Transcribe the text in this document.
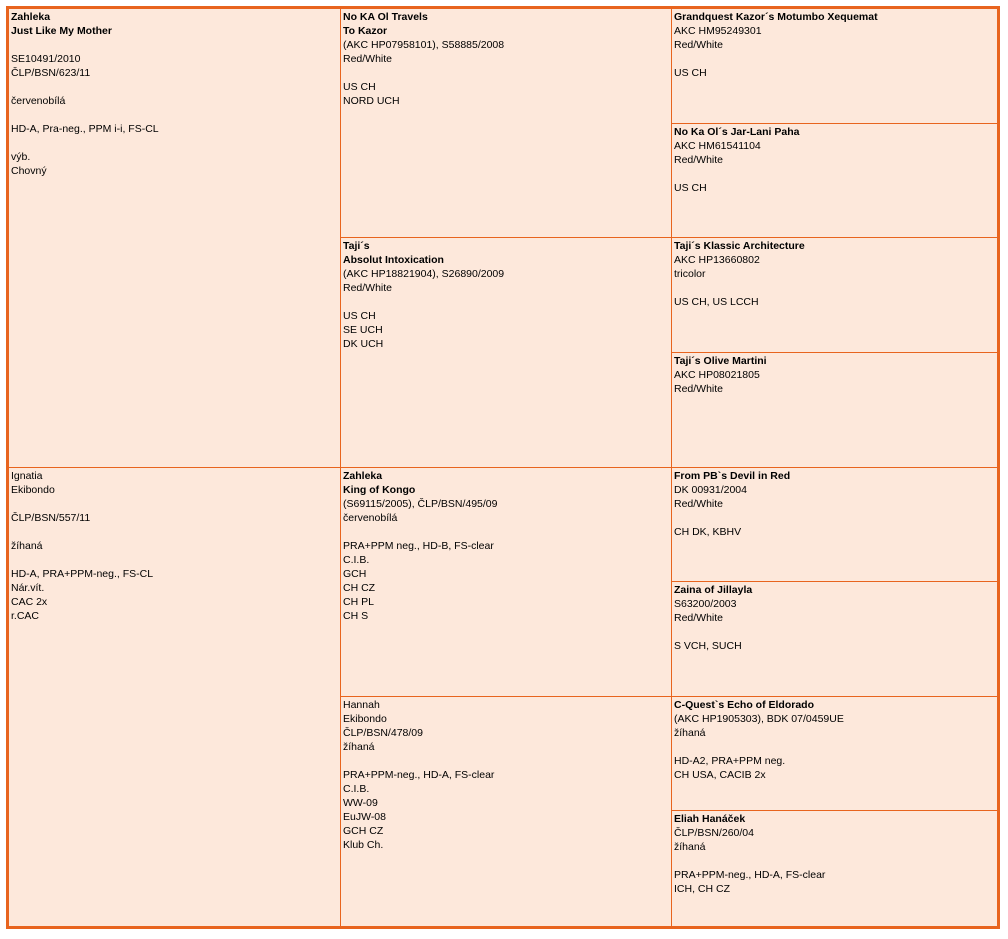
Zahleka
Just Like My Mother
SE10491/2010
ČLP/BSN/623/11
červenobílá
HD-A, Pra-neg., PPM i-i, FS-CL
výb.
Chovný
Ignatia
Ekibondo
ČLP/BSN/557/11
žíhaná
HD-A, PRA+PPM-neg., FS-CL
Nár.vít.
CAC 2x
r.CAC
No KA Ol Travels
To Kazor
(AKC HP07958101), S58885/2008
Red/White
US CH
NORD UCH
Taji´s
Absolut Intoxication
(AKC HP18821904), S26890/2009
Red/White
US CH
SE UCH
DK UCH
Zahleka
King of Kongo
(S69115/2005), ČLP/BSN/495/09
červenobílá
PRA+PPM neg., HD-B, FS-clear
C.I.B.
GCH
CH CZ
CH PL
CH S
Hannah
Ekibondo
ČLP/BSN/478/09
žíhaná
PRA+PPM-neg., HD-A, FS-clear
C.I.B.
WW-09
EuJW-08
GCH CZ
Klub Ch.
Grandquest Kazor´s Motumbo Xequemat
AKC HM95249301
Red/White
US CH
No Ka Ol´s Jar-Lani Paha
AKC HM61541104
Red/White
US CH
Taji´s Klassic Architecture
AKC HP13660802
tricolor
US CH, US LCCH
Taji´s Olive Martini
AKC HP08021805
Red/White
From PB`s Devil in Red
DK 00931/2004
Red/White
CH DK, KBHV
Zaina of Jillayla
S63200/2003
Red/White
S VCH, SUCH
C-Quest`s Echo of Eldorado
(AKC HP1905303), BDK 07/0459UE
žíhaná
HD-A2, PRA+PPM neg.
CH USA, CACIB 2x
Eliah Hanáček
ČLP/BSN/260/04
žíhaná
PRA+PPM-neg., HD-A, FS-clear
ICH, CH CZ
